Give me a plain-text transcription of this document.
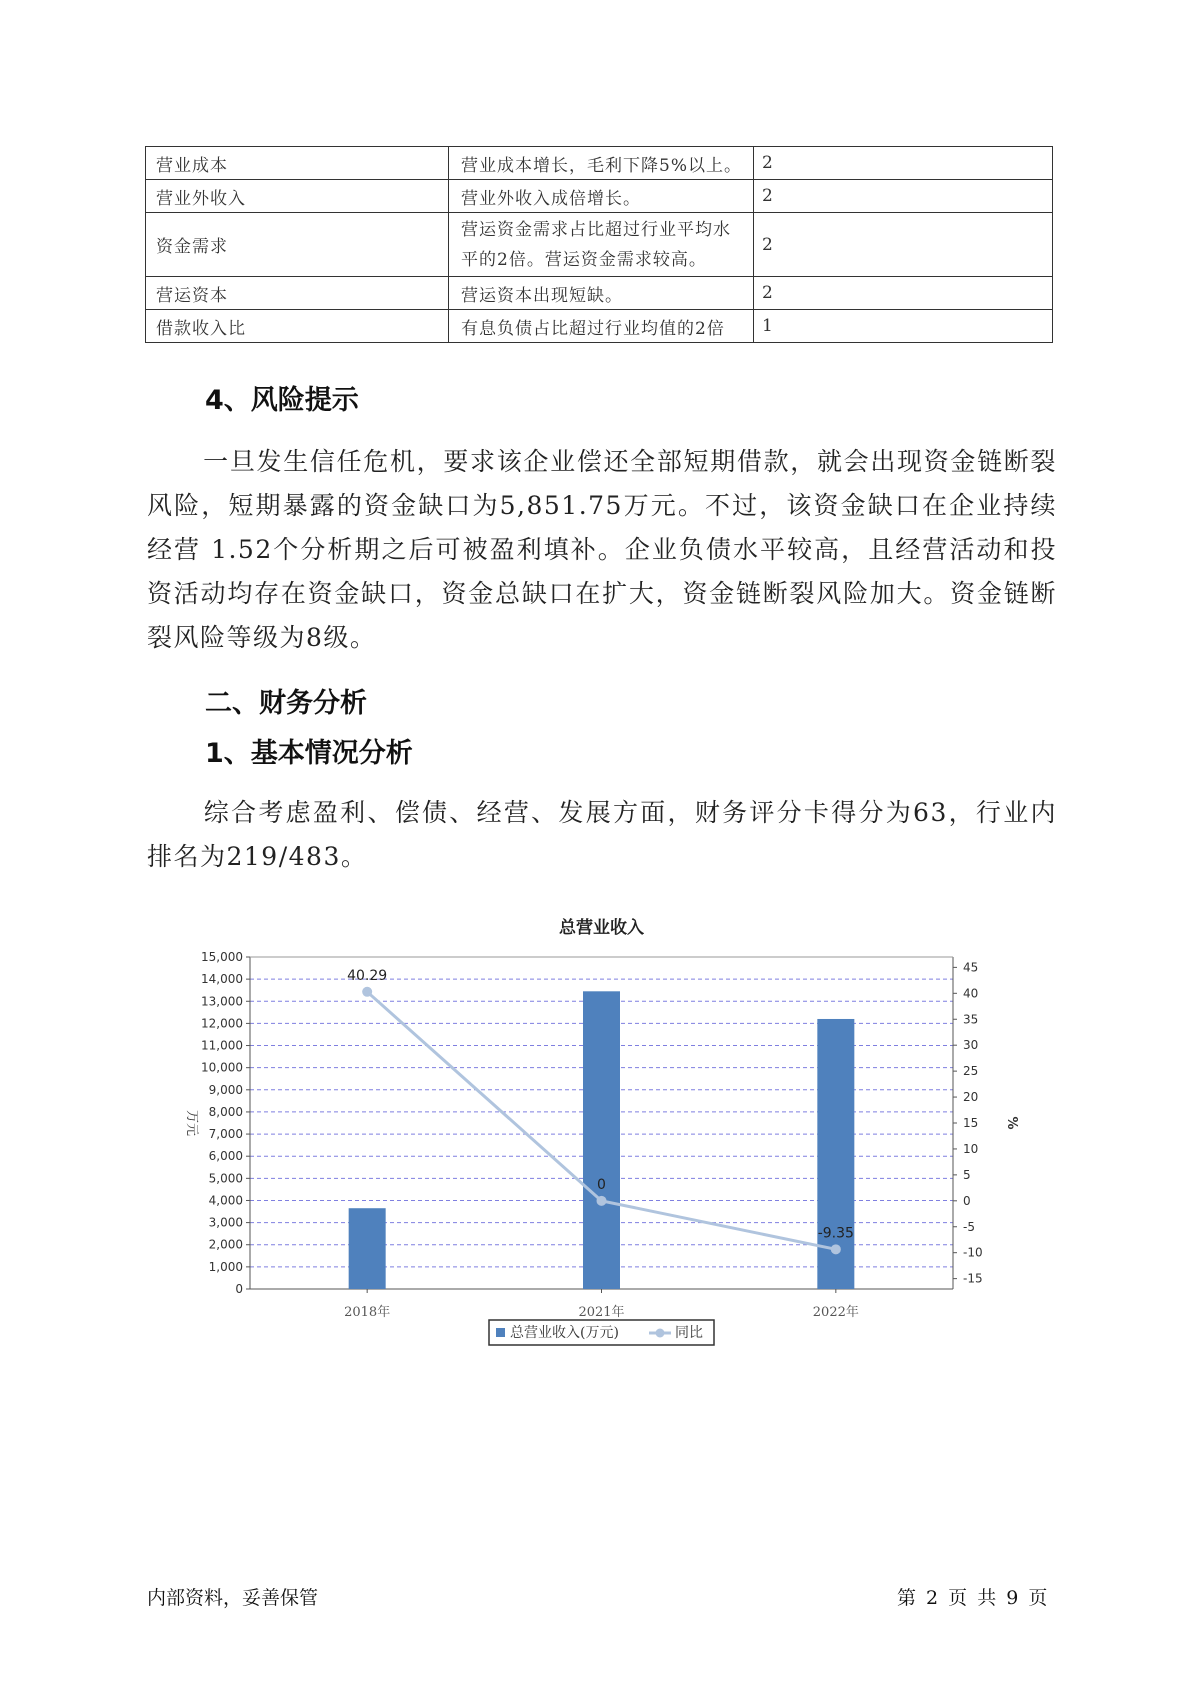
营业成本	营业成本增长，毛利下降5%以上。	2
营业外收入	营业外收入成倍增长。	2
资金需求	营运资金需求占比超过行业平均水平的2倍。营运资金需求较高。	2
营运资本	营运资本出现短缺。	2
借款收入比	有息负债占比超过行业均值的2倍	1
4、风险提示

一旦发生信任危机，要求该企业偿还全部短期借款，就会出现资金链断裂风险，短期暴露的资金缺口为5,851.75万元。不过，该资金缺口在企业持续经营 1.52个分析期之后可被盈利填补。企业负债水平较高，且经营活动和投资活动均存在资金缺口，资金总缺口在扩大，资金链断裂风险加大。资金链断裂风险等级为8级。

二、财务分析
1、基本情况分析

综合考虑盈利、偿债、经营、发展方面，财务评分卡得分为63，行业内排名为219/483。

总营业收入
0
1,000
2,000
3,000
4,000
5,000
6,000
7,000
8,000
9,000
10,000
11,000
12,000
13,000
14,000
15,000
45
40
35
30
25
20
15
10
5
0
-5
-10
-15
万元	%
2018年	2021年	2022年
40.29
0
-9.35
总营业收入(万元)	同比
内部资料，妥善保管	第 2 页 共 9 页
